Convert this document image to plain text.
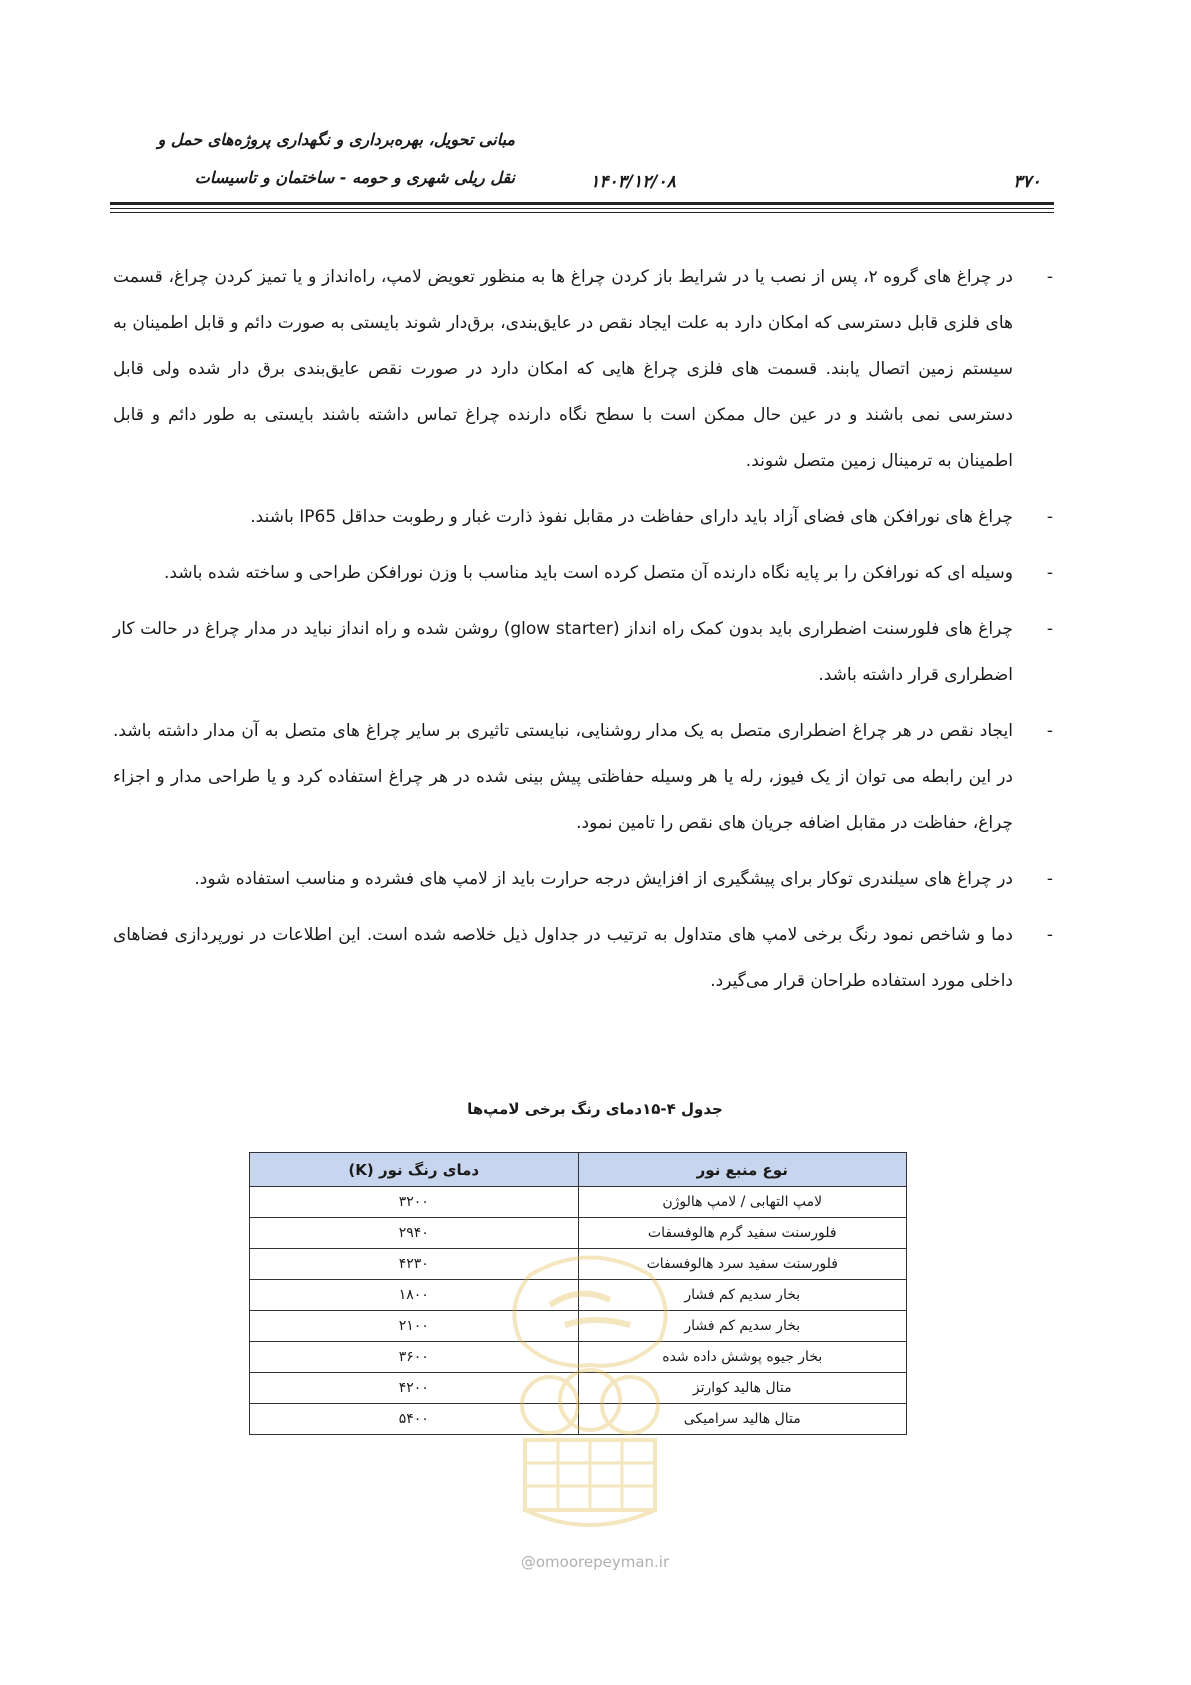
مبانی تحویل، بهره‌برداری و نگهداری پروژه‌های حمل و
نقل ریلی شهری و حومه - ساختمان و تاسیسات	۱۴۰۳/۱۲/۰۸	۳۷۰
-
در چراغ های گروه ۲، پس از نصب یا در شرایط باز کردن چراغ ها به منظور تعویض لامپ، راه‌انداز و یا تمیز کردن چراغ، قسمت های فلزی قابل دسترسی که امکان دارد به علت ایجاد نقص در عایق‌بندی، برق‌دار شوند بایستی به صورت دائم و قابل اطمینان به سیستم زمین اتصال یابند. قسمت های فلزی چراغ هایی که امکان دارد در صورت نقص عایق‌بندی برق دار شده ولی قابل دسترسی نمی باشند و در عین حال ممکن است با سطح نگاه دارنده چراغ تماس داشته باشند بایستی به طور دائم و قابل اطمینان به ترمینال زمین متصل شوند.
-
چراغ های نورافکن های فضای آزاد باید دارای حفاظت در مقابل نفوذ ذارت غبار و رطوبت حداقل IP65 باشند.
-
وسیله ای که نورافکن را بر پایه نگاه دارنده آن متصل کرده است باید مناسب با وزن نورافکن طراحی و ساخته شده باشد.
-
چراغ های فلورسنت اضطراری باید بدون کمک راه انداز (glow starter) روشن شده و راه انداز نباید در مدار چراغ در حالت کار اضطراری قرار داشته باشد.
-
ایجاد نقص در هر چراغ اضطراری متصل به یک مدار روشنایی، نبایستی تاثیری بر سایر چراغ های متصل به آن مدار داشته باشد. در این رابطه می توان از یک فیوز، رله یا هر وسیله حفاظتی پیش بینی شده در هر چراغ استفاده کرد و یا طراحی مدار و اجزاء چراغ، حفاظت در مقابل اضافه جریان های نقص را تامین نمود.
-
در چراغ های سیلندری توکار برای پیشگیری از افزایش درجه حرارت باید از لامپ های فشرده و مناسب استفاده شود.
-
دما و شاخص نمود رنگ برخی لامپ های متداول به ترتیب در جداول ذیل خلاصه شده است. این اطلاعات در نورپردازی فضاهای داخلی مورد استفاده طراحان قرار می‌گیرد.
جدول ۴-۱۵دمای رنگ برخی لامپ‌ها
نوع منبع نور	دمای رنگ نور (K)
لامپ التهابی / لامپ هالوژن	۳۲۰۰
فلورسنت سفید گرم هالوفسفات	۲۹۴۰
فلورسنت سفید سرد هالوفسفات	۴۲۳۰
بخار سدیم کم فشار	۱۸۰۰
بخار سدیم کم فشار	۲۱۰۰
بخار جیوه پوشش داده شده	۳۶۰۰
متال هالید کوارتز	۴۲۰۰
متال هالید سرامیکی	۵۴۰۰
@omoorepeyman.ir
